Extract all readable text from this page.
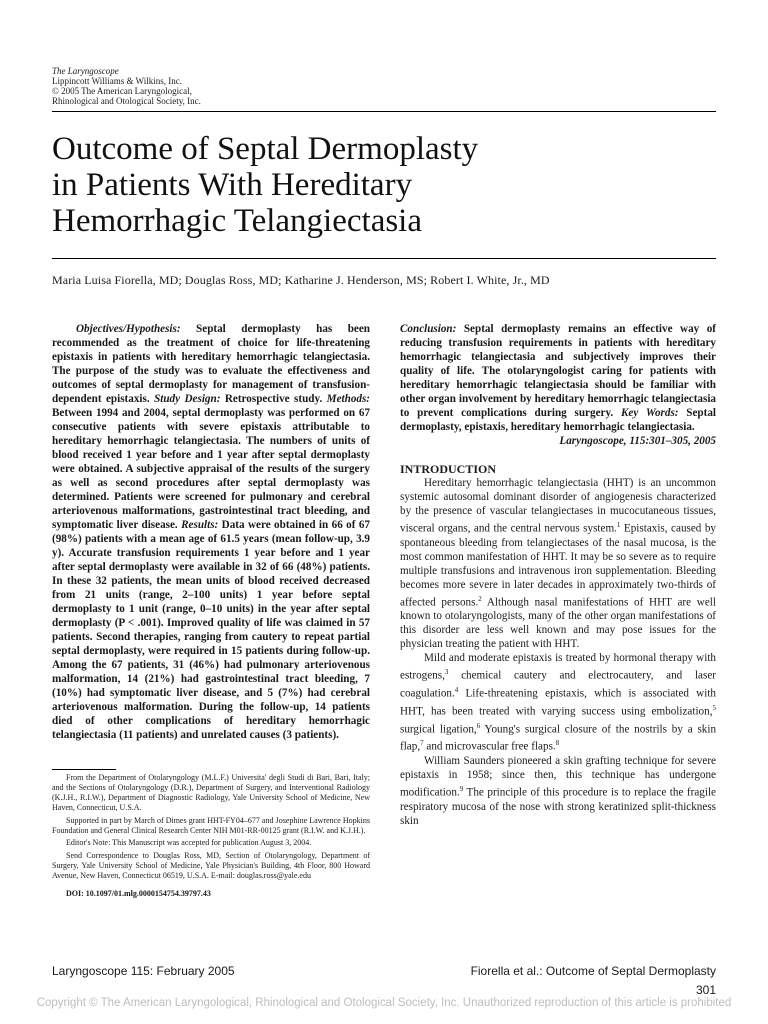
The Laryngoscope
Lippincott Williams & Wilkins, Inc.
© 2005 The American Laryngological,
Rhinological and Otological Society, Inc.
Outcome of Septal Dermoplasty
in Patients With Hereditary
Hemorrhagic Telangiectasia
Maria Luisa Fiorella, MD; Douglas Ross, MD; Katharine J. Henderson, MS; Robert I. White, Jr., MD

Objectives/Hypothesis: Septal dermoplasty has been recommended as the treatment of choice for life-threatening epistaxis in patients with hereditary hemorrhagic telangiectasia. The purpose of the study was to evaluate the effectiveness and outcomes of septal dermoplasty for management of transfusion-dependent epistaxis. Study Design: Retrospective study. Methods: Between 1994 and 2004, septal dermoplasty was performed on 67 consecutive patients with severe epistaxis attributable to hereditary hemorrhagic telangiectasia. The numbers of units of blood received 1 year before and 1 year after septal dermoplasty were obtained. A subjective appraisal of the results of the surgery as well as second procedures after septal dermoplasty was determined. Patients were screened for pulmonary and cerebral arteriovenous malformations, gastrointestinal tract bleeding, and symptomatic liver disease. Results: Data were obtained in 66 of 67 (98%) patients with a mean age of 61.5 years (mean follow-up, 3.9 y). Accurate transfusion requirements 1 year before and 1 year after septal dermoplasty were available in 32 of 66 (48%) patients. In these 32 patients, the mean units of blood received decreased from 21 units (range, 2–100 units) 1 year before septal dermoplasty to 1 unit (range, 0–10 units) in the year after septal dermoplasty (P < .001). Improved quality of life was claimed in 57 patients. Second therapies, ranging from cautery to repeat partial septal dermoplasty, were required in 15 patients during follow-up. Among the 67 patients, 31 (46%) had pulmonary arteriovenous malformation, 14 (21%) had gastrointestinal tract bleeding, 7 (10%) had symptomatic liver disease, and 5 (7%) had cerebral arteriovenous malformation. During the follow-up, 14 patients died of other complications of hereditary hemorrhagic telangiectasia (11 patients) and unrelated causes (3 patients).

Conclusion: Septal dermoplasty remains an effective way of reducing transfusion requirements in patients with hereditary hemorrhagic telangiectasia and subjectively improves their quality of life. The otolaryngologist caring for patients with hereditary hemorrhagic telangiectasia should be familiar with other organ involvement by hereditary hemorrhagic telangiectasia to prevent complications during surgery. Key Words: Septal dermoplasty, epistaxis, hereditary hemorrhagic telangiectasia.

Laryngoscope, 115:301–305, 2005

INTRODUCTION

Hereditary hemorrhagic telangiectasia (HHT) is an uncommon systemic autosomal dominant disorder of angiogenesis characterized by the presence of vascular telangiectases in mucocutaneous tissues, visceral organs, and the central nervous system.$^1$ Epistaxis, caused by spontaneous bleeding from telangiectases of the nasal mucosa, is the most common manifestation of HHT. It may be so severe as to require multiple transfusions and intravenous iron supplementation. Bleeding becomes more severe in later decades in approximately two-thirds of affected persons.$^2$ Although nasal manifestations of HHT are well known to otolaryngologists, many of the other organ manifestations of this disorder are less well known and may pose issues for the physician treating the patient with HHT.

Mild and moderate epistaxis is treated by hormonal therapy with estrogens,$^3$ chemical cautery and electrocautery, and laser coagulation.$^4$ Life-threatening epistaxis, which is associated with HHT, has been treated with varying success using embolization,$^5$ surgical ligation,$^6$ Young's surgical closure of the nostrils by a skin flap,$^7$ and microvascular free flaps.$^8$

William Saunders pioneered a skin grafting technique for severe epistaxis in 1958; since then, this technique has undergone modification.$^9$ The principle of this procedure is to replace the fragile respiratory mucosa of the nose with strong keratinized split-thickness skin

From the Department of Otolaryngology (M.L.F.) Universita' degli Studi di Bari, Bari, Italy; and the Sections of Otolaryngology (D.R.), Department of Surgery, and Interventional Radiology (K.J.H., R.I.W.), Department of Diagnostic Radiology, Yale University School of Medicine, New Haven, Connecticut, U.S.A.

Supported in part by March of Dimes grant HHT-FY04–677 and Josephine Lawrence Hopkins Foundation and General Clinical Research Center NIH M01-RR-00125 grant (R.I.W. and K.J.H.).

Editor's Note: This Manuscript was accepted for publication August 3, 2004.

Send Correspondence to Douglas Ross, MD, Section of Otolaryngology, Department of Surgery, Yale University School of Medicine, Yale Physician's Building, 4th Floor, 800 Howard Avenue, New Haven, Connecticut 06519, U.S.A. E-mail: douglas.ross@yale.edu

DOI: 10.1097/01.mlg.0000154754.39797.43

Laryngoscope 115: February 2005	Fiorella et al.: Outcome of Septal Dermoplasty
301
Copyright © The American Laryngological, Rhinological and Otological Society, Inc. Unauthorized reproduction of this article is prohibited
